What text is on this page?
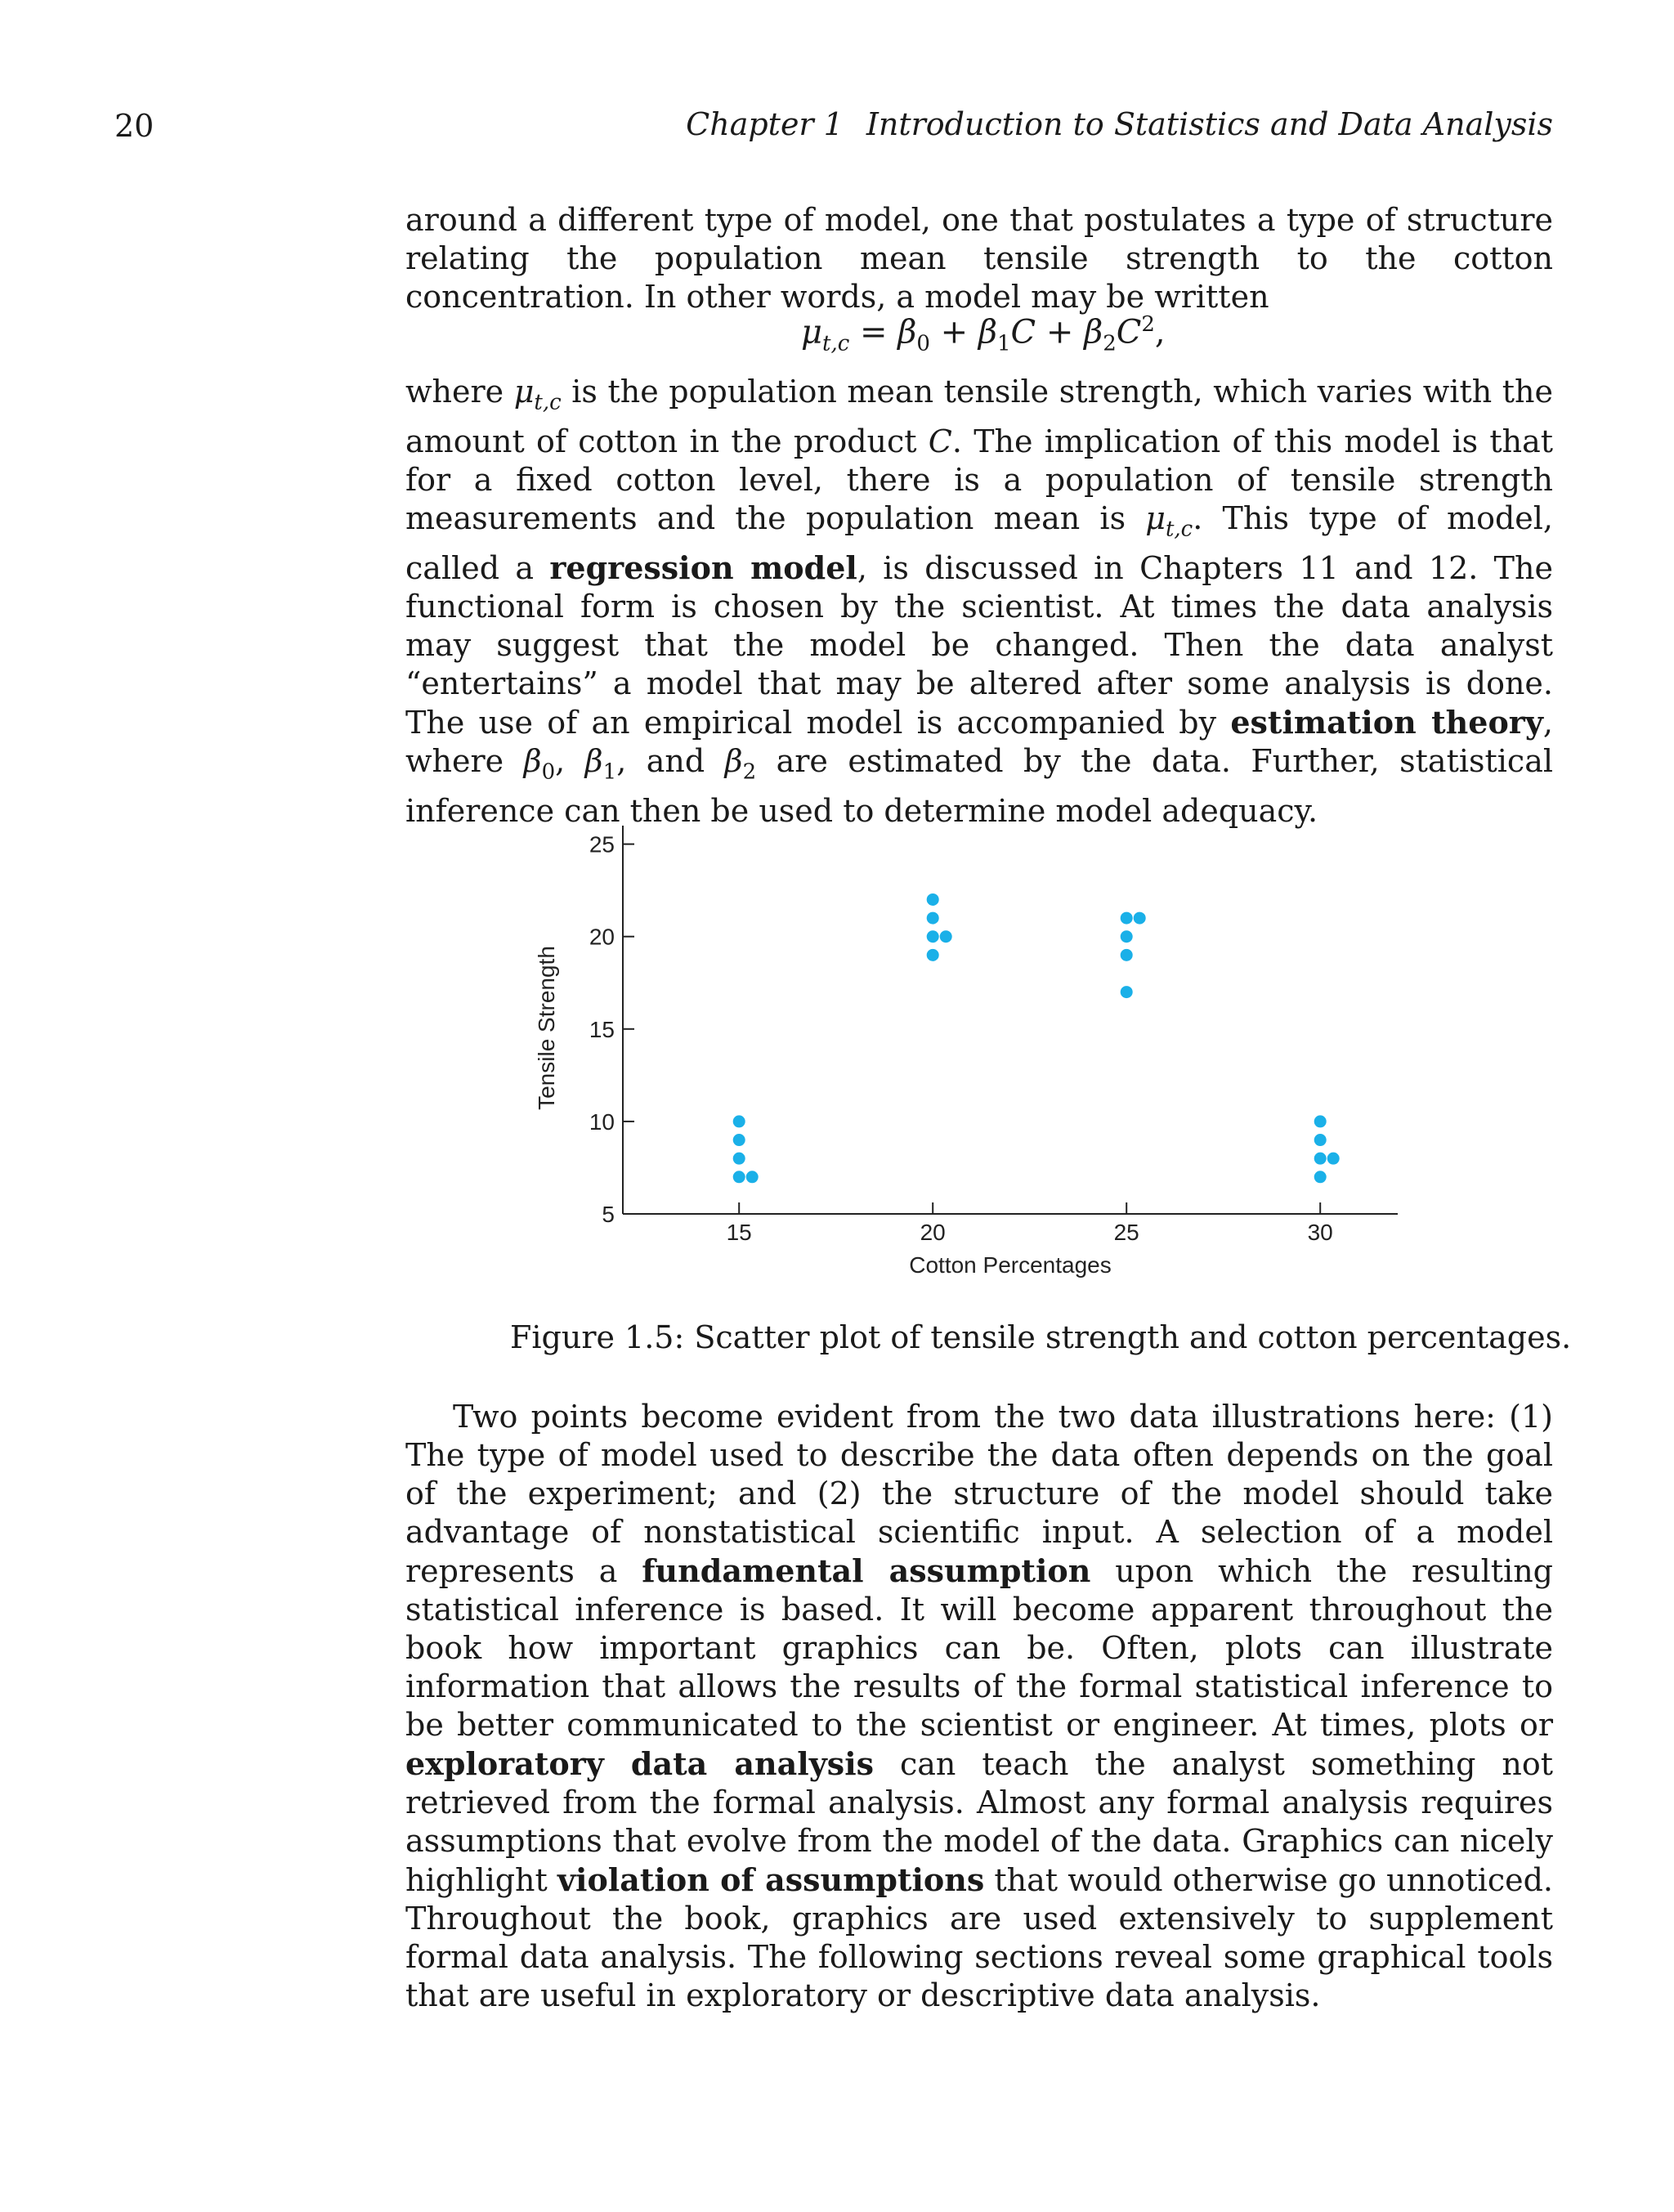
20	Chapter 1 Introduction to Statistics and Data Analysis

around a different type of model, one that postulates a type of structure relating the population mean tensile strength to the cotton concentration. In other words, a model may be written

$\mu_{t,c} = \beta_0 + \beta_1C + \beta_2C^2$,

where $\mu_{t,c}$ is the population mean tensile strength, which varies with the amount of cotton in the product C. The implication of this model is that for a fixed cotton level, there is a population of tensile strength measurements and the population mean is $\mu_{t,c}$. This type of model, called a regression model, is discussed in Chapters 11 and 12. The functional form is chosen by the scientist. At times the data analysis may suggest that the model be changed. Then the data analyst “entertains” a model that may be altered after some analysis is done. The use of an empirical model is accompanied by estimation theory, where $\beta_0$, $\beta_1$, and $\beta_2$ are estimated by the data. Further, statistical inference can then be used to determine model adequacy.

15	20	25	30
5
10
15
20
25
Cotton Percentages
Tensile Strength
Figure 1.5: Scatter plot of tensile strength and cotton percentages.

Two points become evident from the two data illustrations here: (1) The type of model used to describe the data often depends on the goal of the experiment; and (2) the structure of the model should take advantage of nonstatistical scientific input. A selection of a model represents a fundamental assumption upon which the resulting statistical inference is based. It will become apparent throughout the book how important graphics can be. Often, plots can illustrate information that allows the results of the formal statistical inference to be better communicated to the scientist or engineer. At times, plots or exploratory data analysis can teach the analyst something not retrieved from the formal analysis. Almost any formal analysis requires assumptions that evolve from the model of the data. Graphics can nicely highlight violation of assumptions that would otherwise go unnoticed. Throughout the book, graphics are used extensively to supplement formal data analysis. The following sections reveal some graphical tools that are useful in exploratory or descriptive data analysis.
